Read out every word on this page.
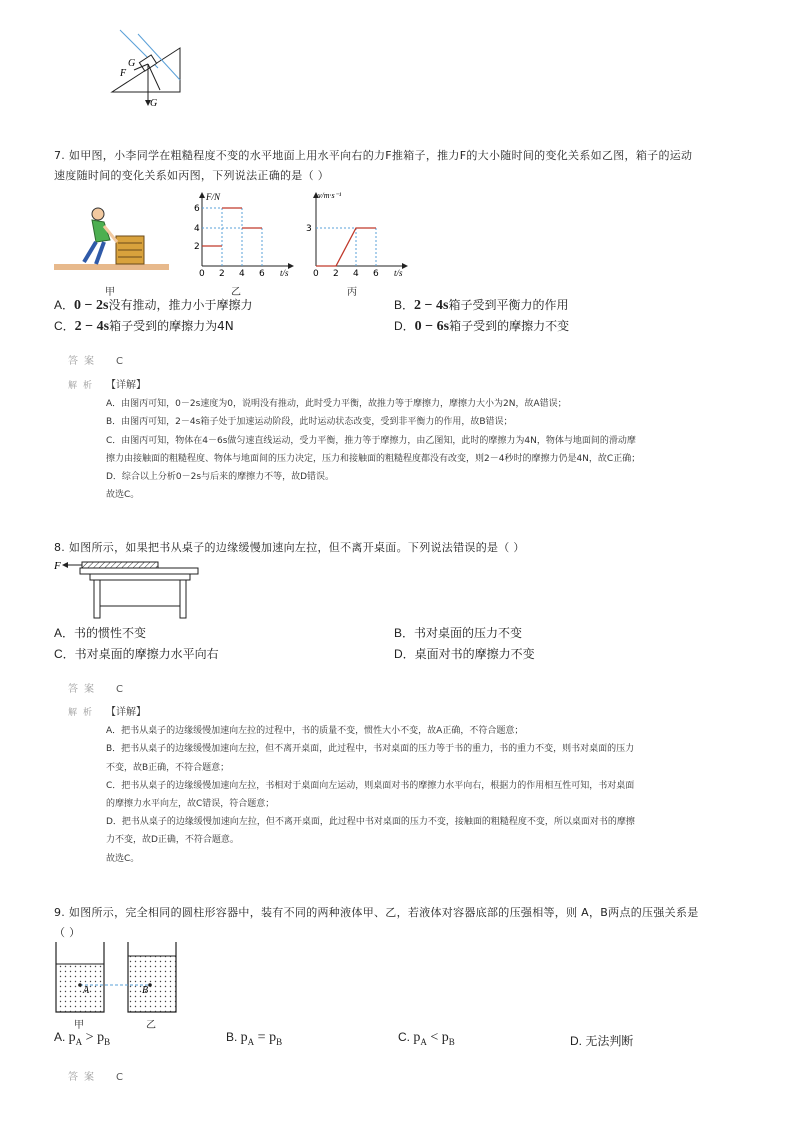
G
F
G
7. 如甲图，小李同学在粗糙程度不变的水平地面上用水平向右的力F推箱子，推力F的大小随时间的变化关系如乙图，箱子的运动
速度随时间的变化关系如丙图，下列说法正确的是（ ）
甲
F/N
t/s
6
4
2
0 2 4 6
乙
v/m·s⁻¹
t/s
3
0 2 4 6
丙
A．0 − 2s没有推动，推力小于摩擦力	B．2 − 4s箱子受到平衡力的作用
C．2 − 4s箱子受到的摩擦力为4N	D．0 − 6s箱子受到的摩擦力不变
答案 C
解析 【详解】
A．由图丙可知，0－2s速度为0，说明没有推动，此时受力平衡，故推力等于摩擦力，摩擦力大小为2N，故A错误；
B．由图丙可知，2－4s箱子处于加速运动阶段，此时运动状态改变，受到非平衡力的作用，故B错误；
C．由图丙可知，物体在4－6s做匀速直线运动，受力平衡，推力等于摩擦力，由乙图知，此时的摩擦力为4N，物体与地面间的滑动摩
擦力由接触面的粗糙程度、物体与地面间的压力决定，压力和接触面的粗糙程度都没有改变，则2－4秒时的摩擦力仍是4N，故C正确；
D．综合以上分析0－2s与后来的摩擦力不等，故D错误。
故选C。
8. 如图所示，如果把书从桌子的边缘缓慢加速向左拉，但不离开桌面。下列说法错误的是（ ）
F
A．书的惯性不变	B．书对桌面的压力不变
C．书对桌面的摩擦力水平向右	D．桌面对书的摩擦力不变
答案 C
解析 【详解】
A．把书从桌子的边缘缓慢加速向左拉的过程中，书的质量不变，惯性大小不变，故A正确，不符合题意；
B．把书从桌子的边缘缓慢加速向左拉，但不离开桌面，此过程中，书对桌面的压力等于书的重力，书的重力不变，则书对桌面的压力
不变，故B正确，不符合题意；
C．把书从桌子的边缘缓慢加速向左拉，书相对于桌面向左运动，则桌面对书的摩擦力水平向右，根据力的作用相互性可知，书对桌面
的摩擦力水平向左，故C错误，符合题意；
D．把书从桌子的边缘缓慢加速向左拉，但不离开桌面，此过程中书对桌面的压力不变，接触面的粗糙程度不变，所以桌面对书的摩擦
力不变，故D正确，不符合题意。
故选C。
9. 如图所示，完全相同的圆柱形容器中，装有不同的两种液体甲、乙，若液体对容器底部的压强相等，则 A，B两点的压强关系是
（ ）
A	B
甲	乙
A. $p_A > p_B$	B. $p_A = p_B$	C. $p_A < p_B$	D. 无法判断
答案 C
